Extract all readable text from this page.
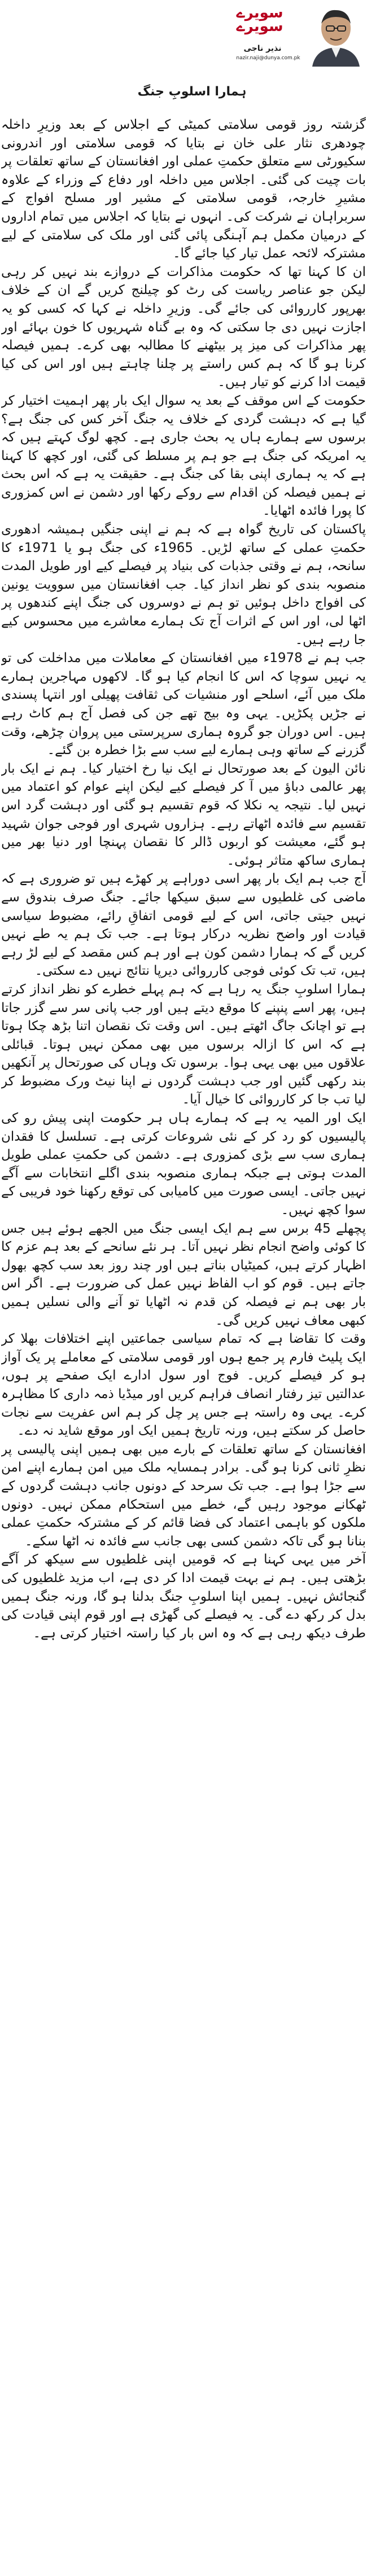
سویرے
سویرے
نذیر ناجی
nazir.naji@dunya.com.pk
ہمارا اسلوبِ جنگ

گزشتہ روز قومی سلامتی کمیٹی کے اجلاس کے بعد وزیرِ داخلہ چودھری نثار علی خان نے بتایا کہ قومی سلامتی اور اندرونی سکیورٹی سے متعلق حکمتِ عملی اور افغانستان کے ساتھ تعلقات پر بات چیت کی گئی۔ اجلاس میں داخلہ اور دفاع کے وزراء کے علاوہ مشیرِ خارجہ، قومی سلامتی کے مشیر اور مسلح افواج کے سربراہان نے شرکت کی۔ انہوں نے بتایا کہ اجلاس میں تمام اداروں کے درمیان مکمل ہم آہنگی پائی گئی اور ملک کی سلامتی کے لیے مشترکہ لائحہ عمل تیار کیا جائے گا۔

ان کا کہنا تھا کہ حکومت مذاکرات کے دروازے بند نہیں کر رہی لیکن جو عناصر ریاست کی رٹ کو چیلنج کریں گے ان کے خلاف بھرپور کارروائی کی جائے گی۔ وزیرِ داخلہ نے کہا کہ کسی کو یہ اجازت نہیں دی جا سکتی کہ وہ بے گناہ شہریوں کا خون بہائے اور پھر مذاکرات کی میز پر بیٹھنے کا مطالبہ بھی کرے۔ ہمیں فیصلہ کرنا ہو گا کہ ہم کس راستے پر چلنا چاہتے ہیں اور اس کی کیا قیمت ادا کرنے کو تیار ہیں۔

حکومت کے اس موقف کے بعد یہ سوال ایک بار پھر اہمیت اختیار کر گیا ہے کہ دہشت گردی کے خلاف یہ جنگ آخر کس کی جنگ ہے؟ برسوں سے ہمارے ہاں یہ بحث جاری ہے۔ کچھ لوگ کہتے ہیں کہ یہ امریکہ کی جنگ ہے جو ہم پر مسلط کی گئی، اور کچھ کا کہنا ہے کہ یہ ہماری اپنی بقا کی جنگ ہے۔ حقیقت یہ ہے کہ اس بحث نے ہمیں فیصلہ کن اقدام سے روکے رکھا اور دشمن نے اس کمزوری کا پورا فائدہ اٹھایا۔

پاکستان کی تاریخ گواہ ہے کہ ہم نے اپنی جنگیں ہمیشہ ادھوری حکمتِ عملی کے ساتھ لڑیں۔ 1965ء کی جنگ ہو یا 1971ء کا سانحہ، ہم نے وقتی جذبات کی بنیاد پر فیصلے کیے اور طویل المدت منصوبہ بندی کو نظر انداز کیا۔ جب افغانستان میں سوویت یونین کی افواج داخل ہوئیں تو ہم نے دوسروں کی جنگ اپنے کندھوں پر اٹھا لی، اور اس کے اثرات آج تک ہمارے معاشرے میں محسوس کیے جا رہے ہیں۔

جب ہم نے 1978ء میں افغانستان کے معاملات میں مداخلت کی تو یہ نہیں سوچا کہ اس کا انجام کیا ہو گا۔ لاکھوں مہاجرین ہمارے ملک میں آئے، اسلحے اور منشیات کی ثقافت پھیلی اور انتہا پسندی نے جڑیں پکڑیں۔ یہی وہ بیج تھے جن کی فصل آج ہم کاٹ رہے ہیں۔ اس دوران جو گروہ ہماری سرپرستی میں پروان چڑھے، وقت گزرنے کے ساتھ وہی ہمارے لیے سب سے بڑا خطرہ بن گئے۔

نائن الیون کے بعد صورتحال نے ایک نیا رخ اختیار کیا۔ ہم نے ایک بار پھر عالمی دباؤ میں آ کر فیصلے کیے لیکن اپنے عوام کو اعتماد میں نہیں لیا۔ نتیجہ یہ نکلا کہ قوم تقسیم ہو گئی اور دہشت گرد اس تقسیم سے فائدہ اٹھاتے رہے۔ ہزاروں شہری اور فوجی جوان شہید ہو گئے، معیشت کو اربوں ڈالر کا نقصان پہنچا اور دنیا بھر میں ہماری ساکھ متاثر ہوئی۔

آج جب ہم ایک بار پھر اسی دوراہے پر کھڑے ہیں تو ضروری ہے کہ ماضی کی غلطیوں سے سبق سیکھا جائے۔ جنگ صرف بندوق سے نہیں جیتی جاتی، اس کے لیے قومی اتفاقِ رائے، مضبوط سیاسی قیادت اور واضح نظریہ درکار ہوتا ہے۔ جب تک ہم یہ طے نہیں کریں گے کہ ہمارا دشمن کون ہے اور ہم کس مقصد کے لیے لڑ رہے ہیں، تب تک کوئی فوجی کارروائی دیرپا نتائج نہیں دے سکتی۔

ہمارا اسلوبِ جنگ یہ رہا ہے کہ ہم پہلے خطرے کو نظر انداز کرتے ہیں، پھر اسے پنپنے کا موقع دیتے ہیں اور جب پانی سر سے گزر جاتا ہے تو اچانک جاگ اٹھتے ہیں۔ اس وقت تک نقصان اتنا بڑھ چکا ہوتا ہے کہ اس کا ازالہ برسوں میں بھی ممکن نہیں ہوتا۔ قبائلی علاقوں میں بھی یہی ہوا۔ برسوں تک وہاں کی صورتحال پر آنکھیں بند رکھی گئیں اور جب دہشت گردوں نے اپنا نیٹ ورک مضبوط کر لیا تب جا کر کارروائی کا خیال آیا۔

ایک اور المیہ یہ ہے کہ ہمارے ہاں ہر حکومت اپنی پیش رو کی پالیسیوں کو رد کر کے نئی شروعات کرتی ہے۔ تسلسل کا فقدان ہماری سب سے بڑی کمزوری ہے۔ دشمن کی حکمتِ عملی طویل المدت ہوتی ہے جبکہ ہماری منصوبہ بندی اگلے انتخابات سے آگے نہیں جاتی۔ ایسی صورت میں کامیابی کی توقع رکھنا خود فریبی کے سوا کچھ نہیں۔

پچھلے 45 برس سے ہم ایک ایسی جنگ میں الجھے ہوئے ہیں جس کا کوئی واضح انجام نظر نہیں آتا۔ ہر نئے سانحے کے بعد ہم عزم کا اظہار کرتے ہیں، کمیٹیاں بناتے ہیں اور چند روز بعد سب کچھ بھول جاتے ہیں۔ قوم کو اب الفاظ نہیں عمل کی ضرورت ہے۔ اگر اس بار بھی ہم نے فیصلہ کن قدم نہ اٹھایا تو آنے والی نسلیں ہمیں کبھی معاف نہیں کریں گی۔

وقت کا تقاضا ہے کہ تمام سیاسی جماعتیں اپنے اختلافات بھلا کر ایک پلیٹ فارم پر جمع ہوں اور قومی سلامتی کے معاملے پر یک آواز ہو کر فیصلے کریں۔ فوج اور سول ادارے ایک صفحے پر ہوں، عدالتیں تیز رفتار انصاف فراہم کریں اور میڈیا ذمہ داری کا مظاہرہ کرے۔ یہی وہ راستہ ہے جس پر چل کر ہم اس عفریت سے نجات حاصل کر سکتے ہیں، ورنہ تاریخ ہمیں ایک اور موقع شاید نہ دے۔

افغانستان کے ساتھ تعلقات کے بارے میں بھی ہمیں اپنی پالیسی پر نظرِ ثانی کرنا ہو گی۔ برادر ہمسایہ ملک میں امن ہمارے اپنے امن سے جڑا ہوا ہے۔ جب تک سرحد کے دونوں جانب دہشت گردوں کے ٹھکانے موجود رہیں گے، خطے میں استحکام ممکن نہیں۔ دونوں ملکوں کو باہمی اعتماد کی فضا قائم کر کے مشترکہ حکمتِ عملی بنانا ہو گی تاکہ دشمن کسی بھی جانب سے فائدہ نہ اٹھا سکے۔

آخر میں یہی کہنا ہے کہ قومیں اپنی غلطیوں سے سیکھ کر آگے بڑھتی ہیں۔ ہم نے بہت قیمت ادا کر دی ہے، اب مزید غلطیوں کی گنجائش نہیں۔ ہمیں اپنا اسلوبِ جنگ بدلنا ہو گا، ورنہ جنگ ہمیں بدل کر رکھ دے گی۔ یہ فیصلے کی گھڑی ہے اور قوم اپنی قیادت کی طرف دیکھ رہی ہے کہ وہ اس بار کیا راستہ اختیار کرتی ہے۔
